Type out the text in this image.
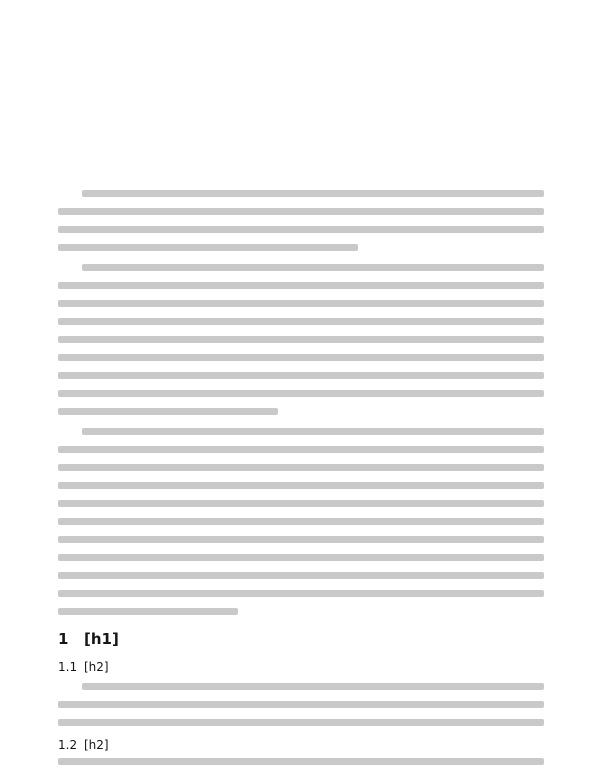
1 [h1]
1.1 [h2]
1.2 [h2]
